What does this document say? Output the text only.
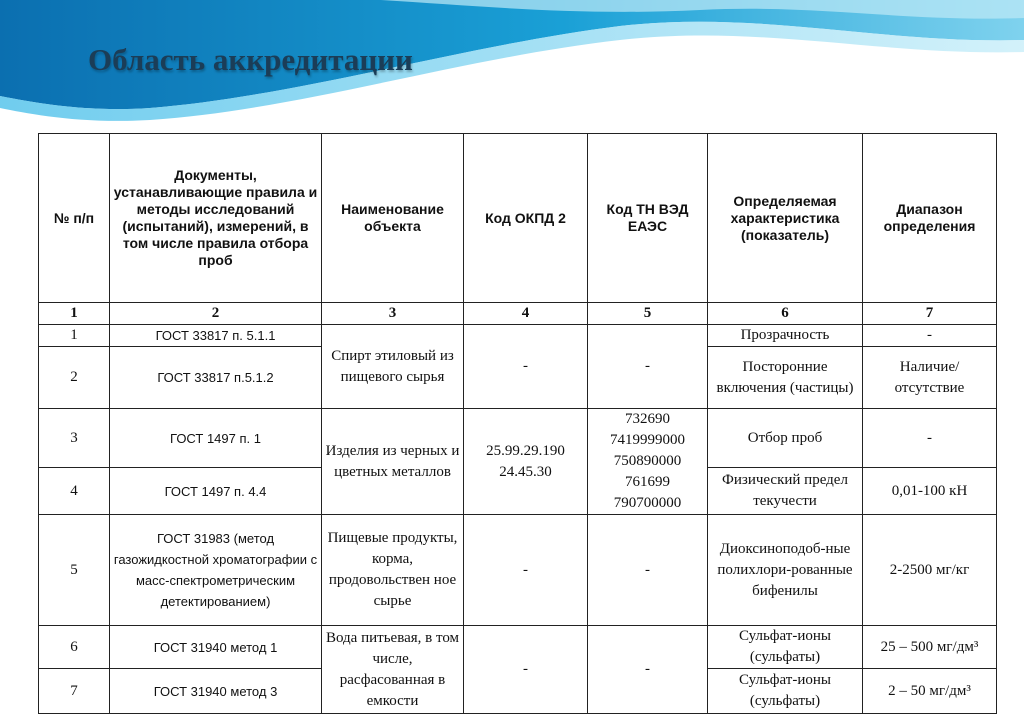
Область аккредитации
№ п/п	Документы, устанавливающие правила и методы исследований (испытаний), измерений, в том числе правила отбора проб	Наименование объекта	Код ОКПД 2	Код ТН ВЭД ЕАЭС	Определяемая характеристика (показатель)	Диапазон определения
1	2	3	4	5	6	7
1	ГОСТ 33817 п. 5.1.1	Спирт этиловый из пищевого сырья	-	-	Прозрачность	-
2	ГОСТ 33817 п.5.1.2				Посторонние включения (частицы)	Наличие/ отсутствие
3	ГОСТ 1497 п. 1	Изделия из черных и цветных металлов	25.99.29.190 24.45.30	732690 7419999000 750890000 761699 790700000	Отбор проб	-
4	ГОСТ 1497 п. 4.4				Физический предел текучести	0,01-100 кН
5	ГОСТ 31983 (метод газожидкостной хроматографии с масс-спектрометрическим детектированием)	Пищевые продукты, корма, продовольствен ное сырье	-	-	Диоксиноподоб-ные полихлори-рованные бифенилы	2-2500 мг/кг
6	ГОСТ 31940 метод 1	Вода питьевая, в том числе, расфасованная в емкости	-	-	Сульфат-ионы (сульфаты)	25 – 500 мг/дм³
7	ГОСТ 31940 метод 3				Сульфат-ионы (сульфаты)	2 – 50 мг/дм³
